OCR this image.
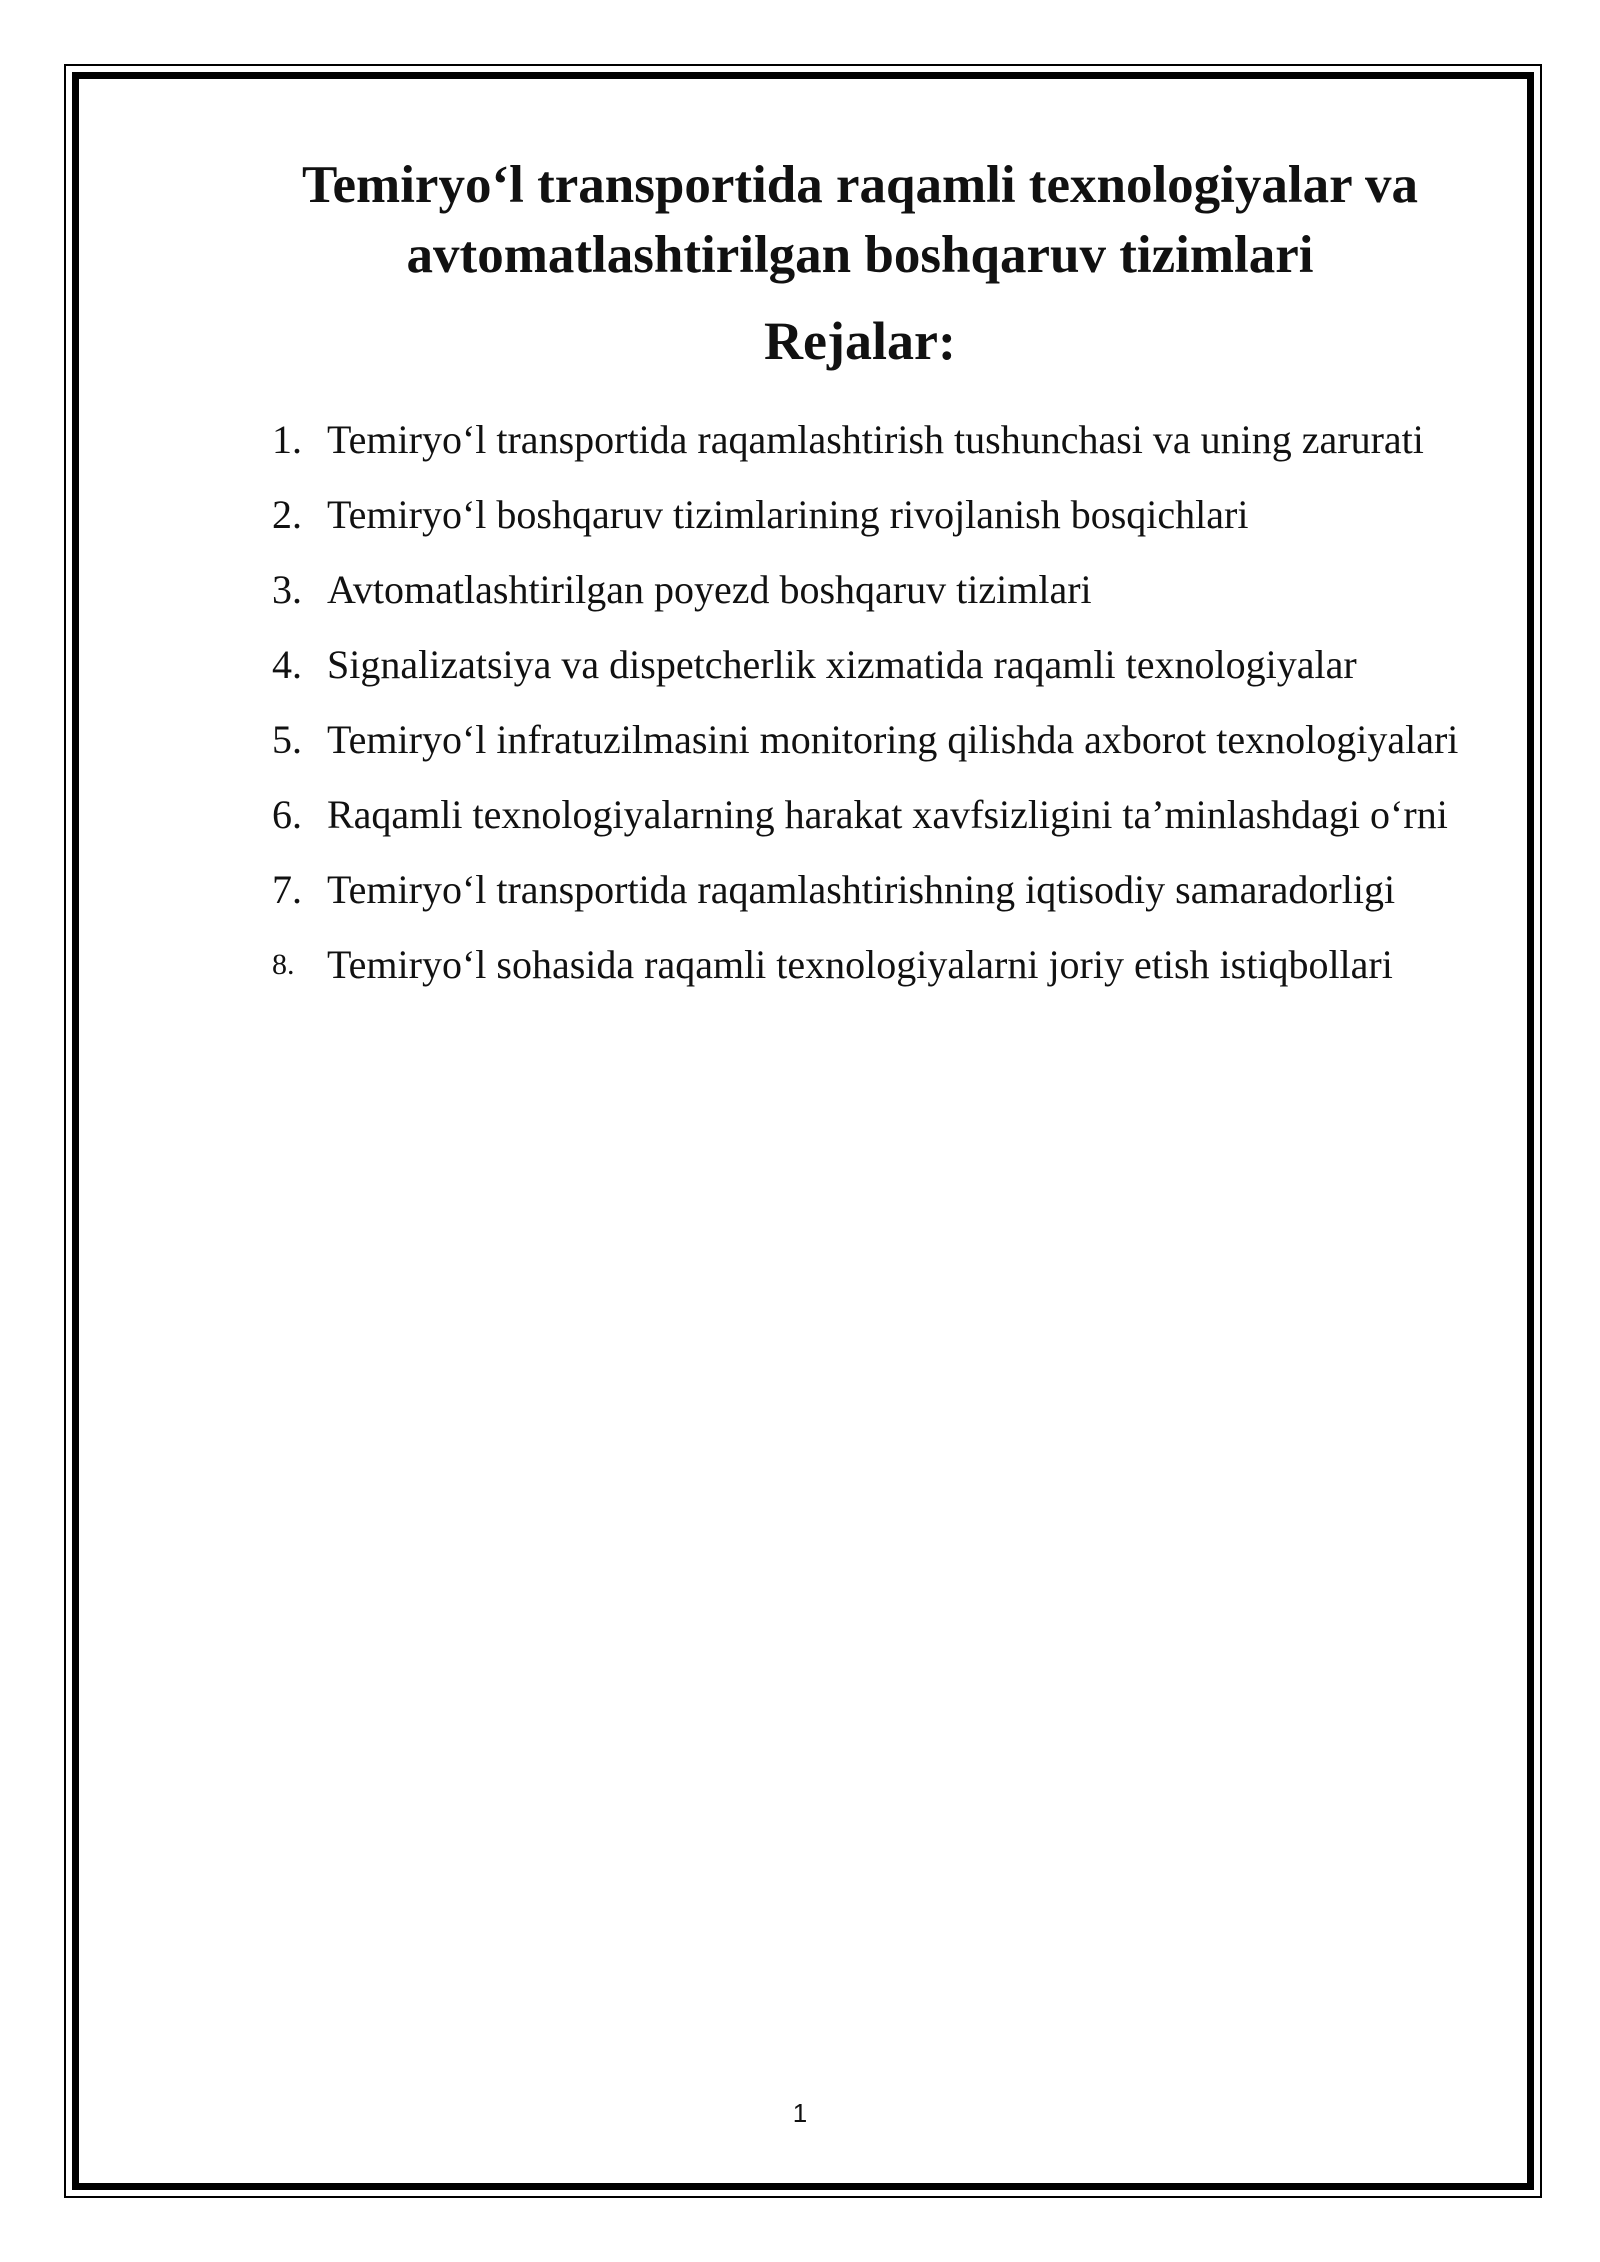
Temiryo‘l transportida raqamli texnologiyalar va
avtomatlashtirilgan boshqaruv tizimlari
Rejalar:
1. Temiryo‘l transportida raqamlashtirish tushunchasi va uning zarurati
2. Temiryo‘l boshqaruv tizimlarining rivojlanish bosqichlari
3. Avtomatlashtirilgan poyezd boshqaruv tizimlari
4. Signalizatsiya va dispetcherlik xizmatida raqamli texnologiyalar
5. Temiryo‘l infratuzilmasini monitoring qilishda axborot texnologiyalari
6. Raqamli texnologiyalarning harakat xavfsizligini ta’minlashdagi o‘rni
7. Temiryo‘l transportida raqamlashtirishning iqtisodiy samaradorligi
8. Temiryo‘l sohasida raqamli texnologiyalarni joriy etish istiqbollari
1
